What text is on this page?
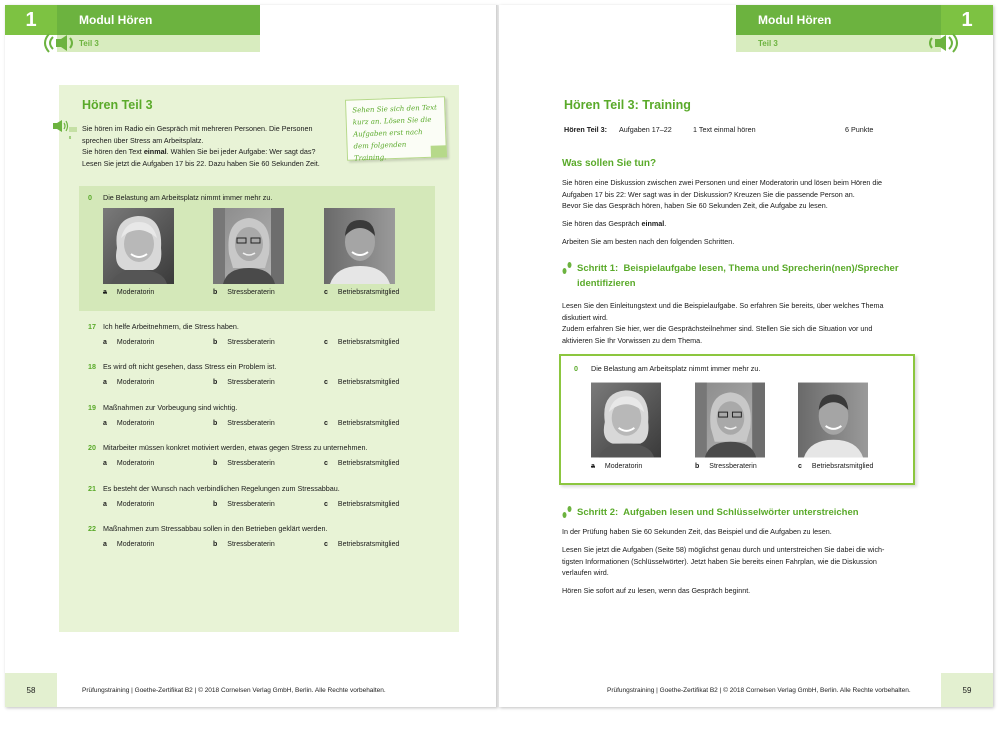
1	Modul Hören
Teil 3
Hören Teil 3
8
Sie hören im Radio ein Gespräch mit mehreren Personen. Die Personen
sprechen über Stress am Arbeitsplatz.
Sie hören den Text einmal. Wählen Sie bei jeder Aufgabe: Wer sagt das?
Lesen Sie jetzt die Aufgaben 17 bis 22. Dazu haben Sie 60 Sekunden Zeit.
Sehen Sie sich den Text kurz an. Lösen Sie die Aufgaben erst nach dem folgenden Training.
0 Die Belastung am Arbeitsplatz nimmt immer mehr zu.
a Moderatorin	b Stressberaterin	c Betriebsratsmitglied
17 Ich helfe Arbeitnehmern, die Stress haben.
a Moderatorin	b Stressberaterin	c Betriebsratsmitglied
18 Es wird oft nicht gesehen, dass Stress ein Problem ist.
a Moderatorin	b Stressberaterin	c Betriebsratsmitglied
19 Maßnahmen zur Vorbeugung sind wichtig.
a Moderatorin	b Stressberaterin	c Betriebsratsmitglied
20 Mitarbeiter müssen konkret motiviert werden, etwas gegen Stress zu unternehmen.
a Moderatorin	b Stressberaterin	c Betriebsratsmitglied
21 Es besteht der Wunsch nach verbindlichen Regelungen zum Stressabbau.
a Moderatorin	b Stressberaterin	c Betriebsratsmitglied
22 Maßnahmen zum Stressabbau sollen in den Betrieben geklärt werden.
a Moderatorin	b Stressberaterin	c Betriebsratsmitglied
58	Prüfungstraining | Goethe-Zertifikat B2 | © 2018 Cornelsen Verlag GmbH, Berlin. Alle Rechte vorbehalten.
1
Modul Hören
Teil 3
Hören Teil 3: Training
Hören Teil 3: Aufgaben 17–22	1 Text einmal hören	6 Punkte
Was sollen Sie tun?
Sie hören eine Diskussion zwischen zwei Personen und einer Moderatorin und lösen beim Hören die
Aufgaben 17 bis 22: Wer sagt was in der Diskussion? Kreuzen Sie die passende Person an.
Bevor Sie das Gespräch hören, haben Sie 60 Sekunden Zeit, die Aufgabe zu lesen.
Sie hören das Gespräch einmal.
Arbeiten Sie am besten nach den folgenden Schritten.
Schritt 1: Beispielaufgabe lesen, Thema und Sprecherin(nen)/Sprecher
identifizieren
Lesen Sie den Einleitungstext und die Beispielaufgabe. So erfahren Sie bereits, über welches Thema
diskutiert wird.
Zudem erfahren Sie hier, wer die Gesprächsteilnehmer sind. Stellen Sie sich die Situation vor und
aktivieren Sie Ihr Vorwissen zu dem Thema.
Schritt 2: Aufgaben lesen und Schlüsselwörter unterstreichen
In der Prüfung haben Sie 60 Sekunden Zeit, das Beispiel und die Aufgaben zu lesen.
Lesen Sie jetzt die Aufgaben (Seite 58) möglichst genau durch und unterstreichen Sie dabei die wich-
tigsten Informationen (Schlüsselwörter). Jetzt haben Sie bereits einen Fahrplan, wie die Diskussion
verlaufen wird.
Hören Sie sofort auf zu lesen, wenn das Gespräch beginnt.
Prüfungstraining | Goethe-Zertifikat B2 | © 2018 Cornelsen Verlag GmbH, Berlin. Alle Rechte vorbehalten.	59
0 Die Belastung am Arbeitsplatz nimmt immer mehr zu.
a Moderatorin	b Stressberaterin	c Betriebsratsmitglied
